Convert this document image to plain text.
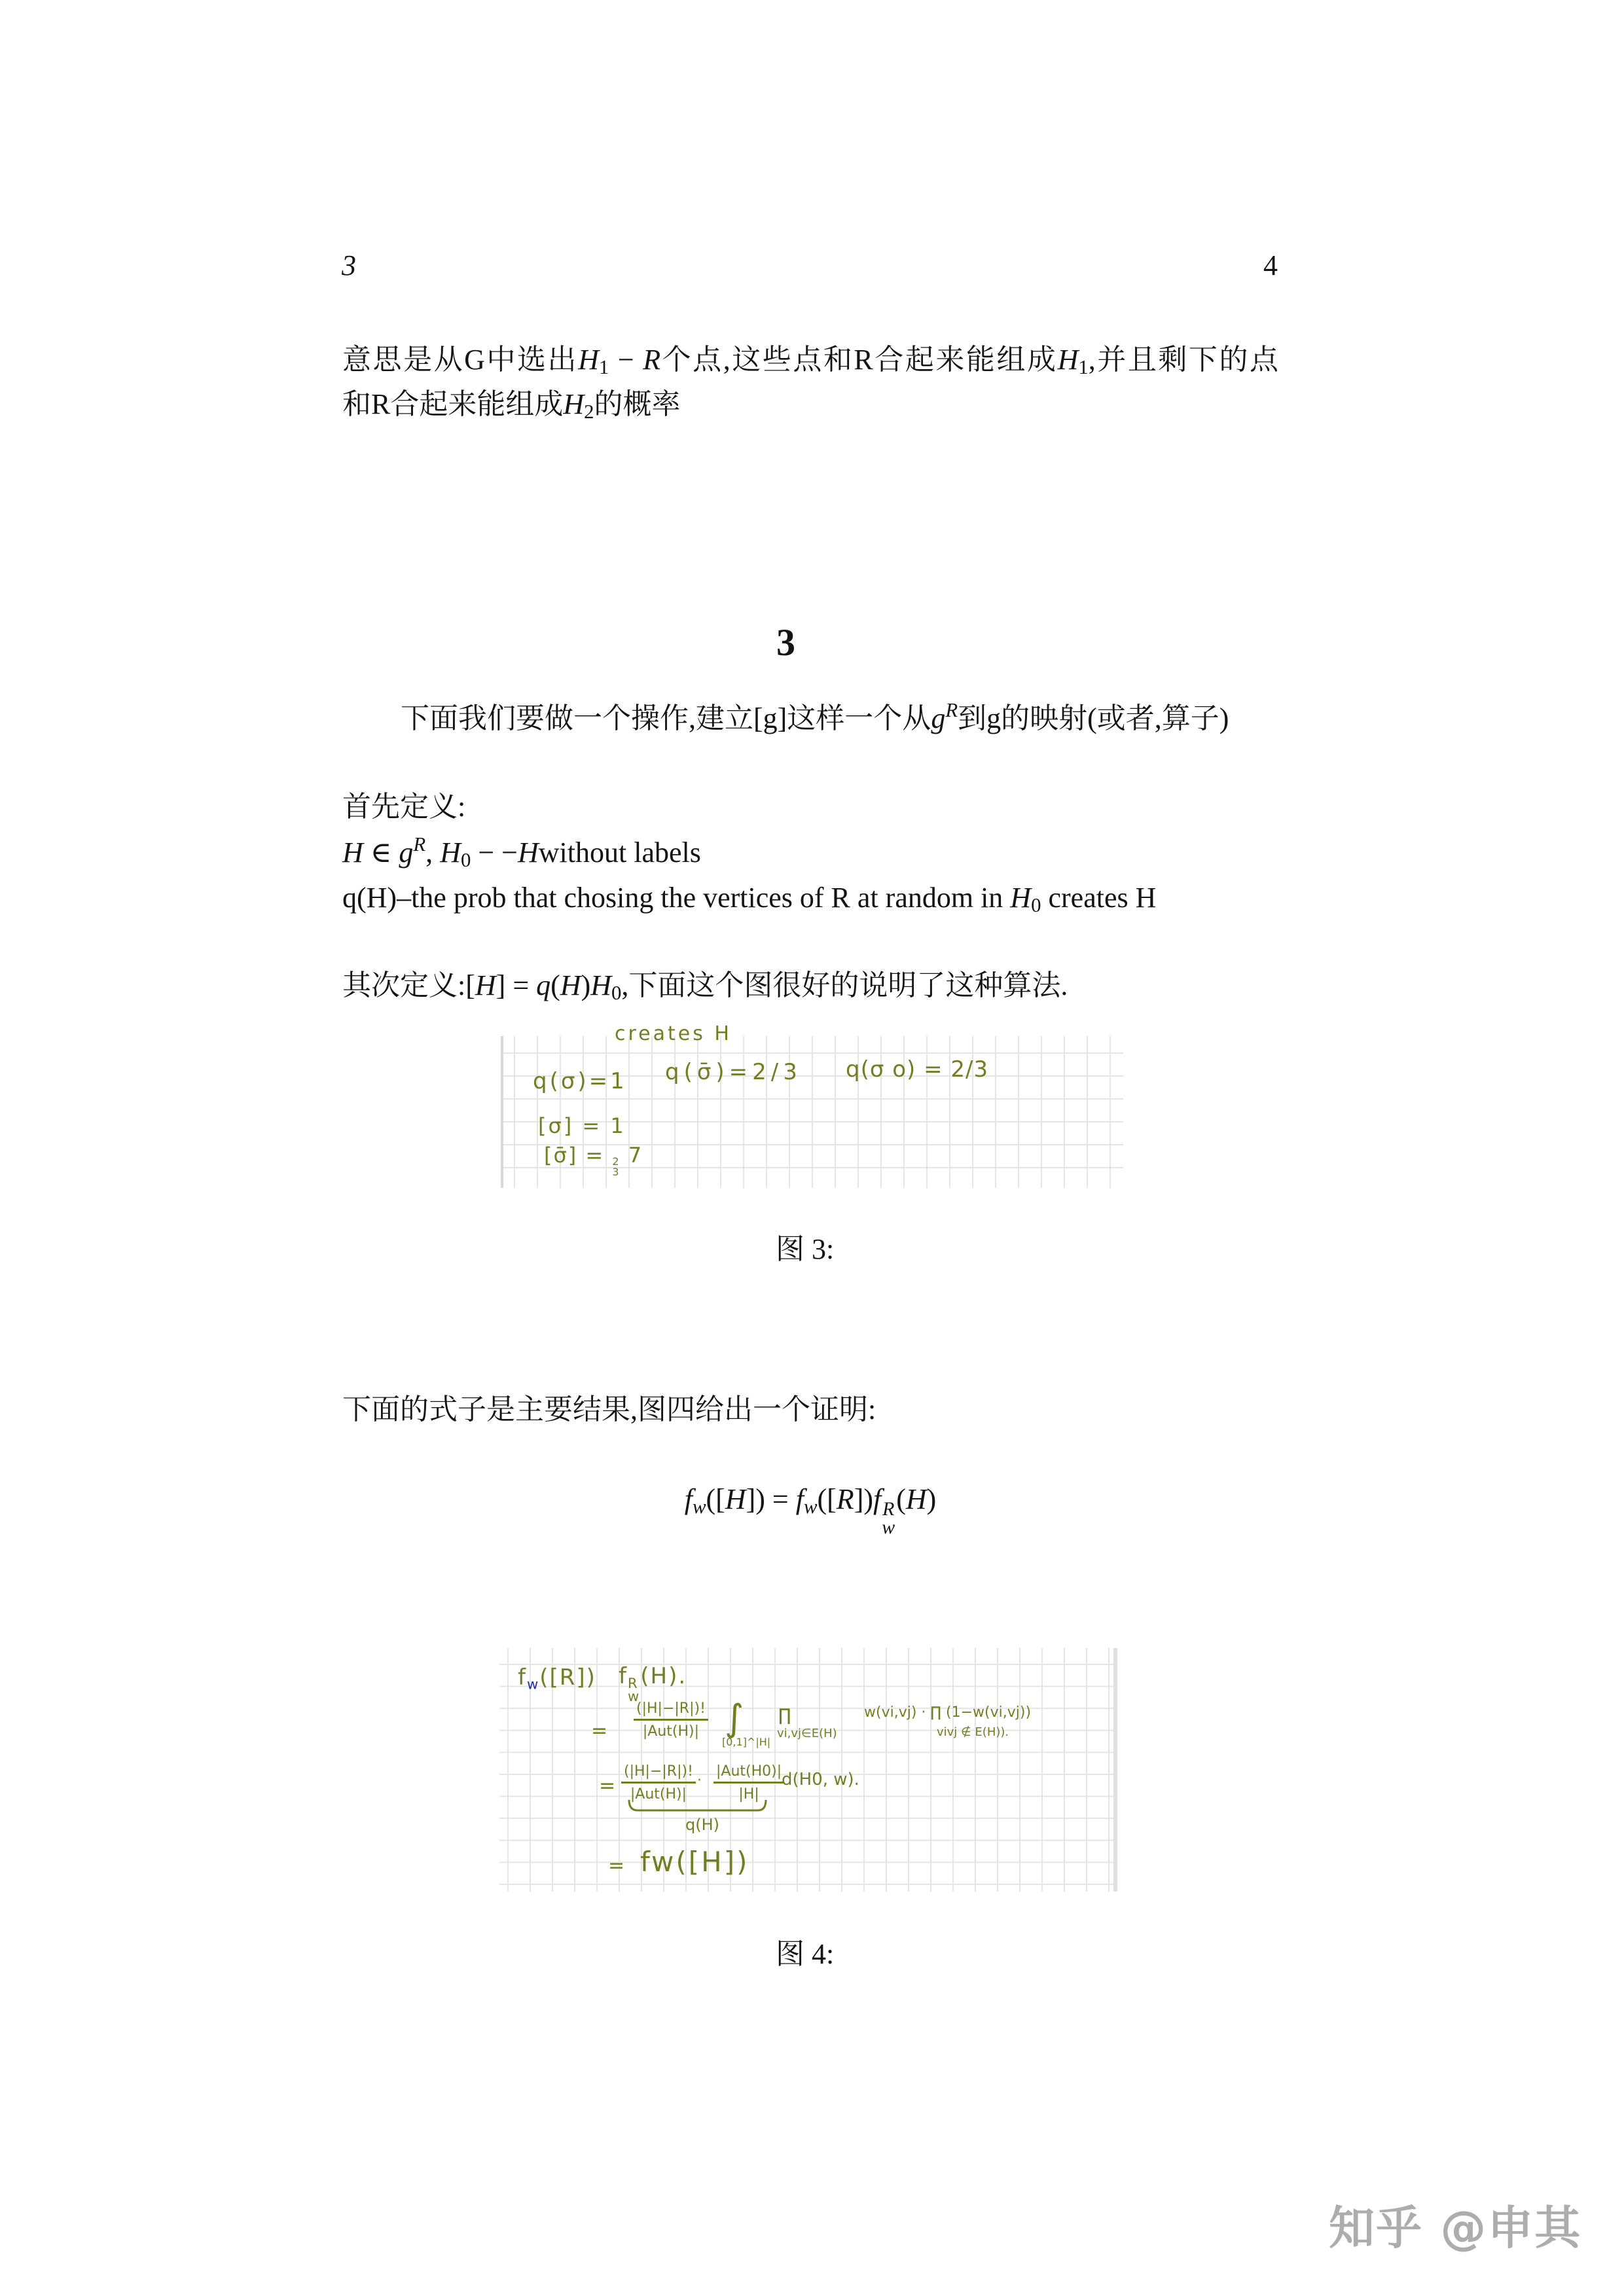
3	4
意思是从G中选出$H_1 - R$个点,这些点和R合起来能组成$H_1$,并且剩下的点
和R合起来能组成$H_2$的概率
3
下面我们要做一个操作,建立[g]这样一个从$g^R$到g的映射(或者,算子)
首先定义:
H ∈ $g^R$, $H_0$ − −Hwithout labels
q(H)–the prob that chosing the vertices of R at random in $H_0$ creates H
其次定义:[H] = $q(H)H_0$,下面这个图很好的说明了这种算法.
creates H
q(σ)=1 q(σ̄)=2/3 q(σ o) = 2/3
[σ] = 1
[σ̄] = 2
3
7
图 3:
下面的式子是主要结果,图四给出一个证明:
$f_w([H]) = f_w([R])f$ R
w
(H)
fw([R]) f R
w
(H).
= $\frac{(|H|-|R|)!}{\text{|Aut(H)|}}$ ∫
[0,1]^|H|
∏
vi,vj∈E(H)
w(vi,vj) · ∏ (1−w(vi,vj))
vivj ∉ E(H)).
= $\frac{(|H|-|R|)!}{\text{|Aut(H)|}} \cdot \frac{\text{|Aut(H0)|}}{|H|}$
d(H0, w).
q(H)
= fw([H])
图 4:
知乎 @申其
